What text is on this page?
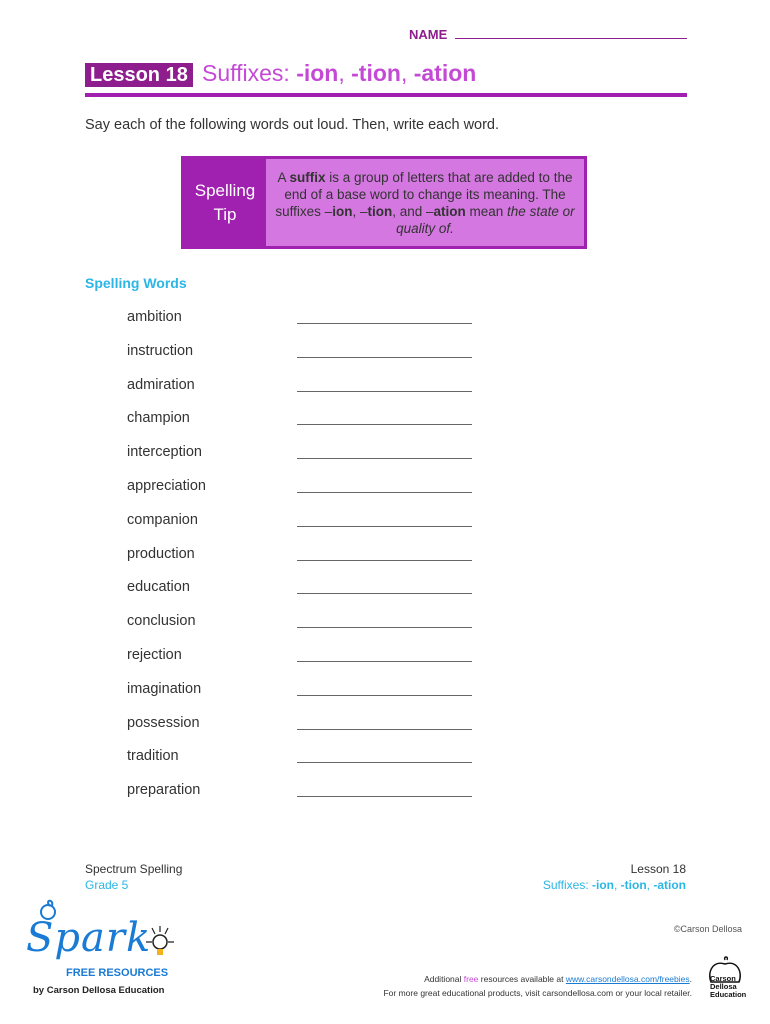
NAME
Lesson 18 Suffixes: -ion, -tion, -ation
Say each of the following words out loud. Then, write each word.
Spelling
Tip
A suffix is a group of letters that are added to the end of a base word to change its meaning. The suffixes –ion, –tion, and –ation mean the state or quality of.
Spelling Words
ambition
instruction
admiration
champion
interception
appreciation
companion
production
education
conclusion
rejection
imagination
possession
tradition
preparation
Spectrum Spelling
Grade 5
Lesson 18
Suffixes: -ion, -tion, -ation
©Carson Dellosa
Spark
FREE RESOURCES
by Carson Dellosa Education
Additional free resources available at www.carsondellosa.com/freebies.
For more great educational products, visit carsondellosa.com or your local retailer.
Carson
Dellosa
Education
